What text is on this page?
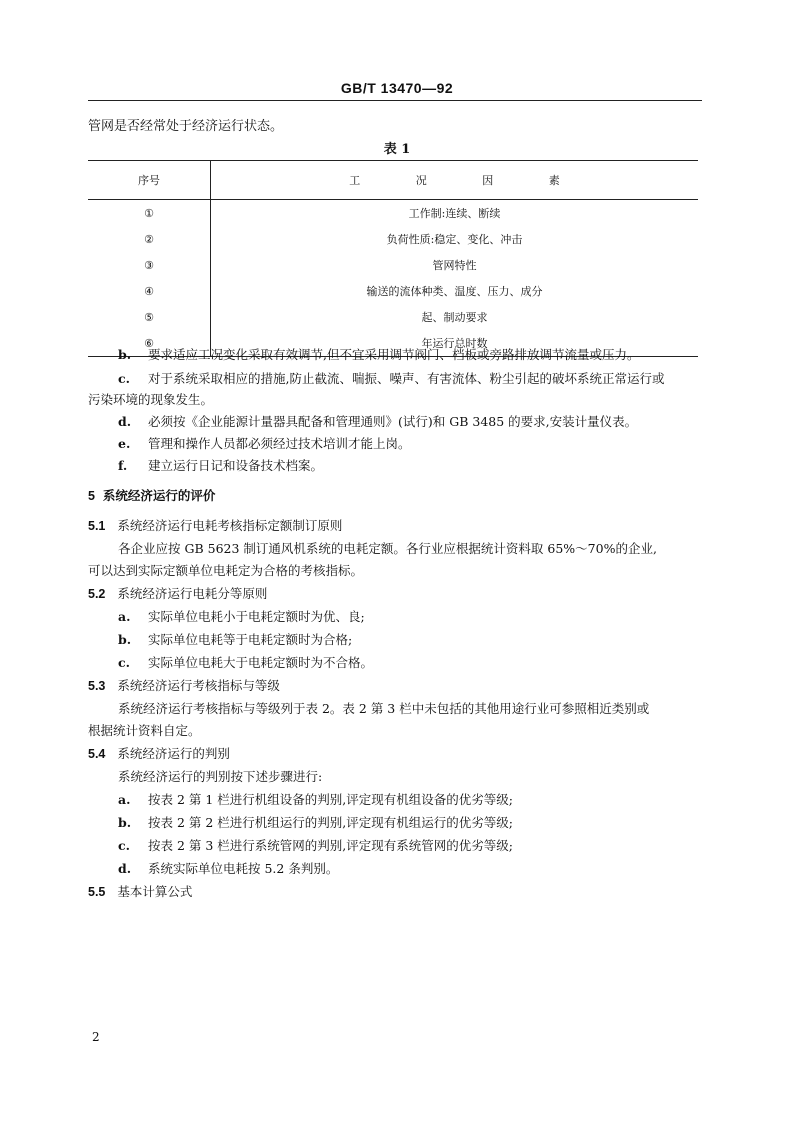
GB/T 13470—92
管网是否经常处于经济运行状态。
表 1
序号	工 况 因 素
①	工作制:连续、断续
②	负荷性质:稳定、变化、冲击
③	管网特性
④	输送的流体种类、温度、压力、成分
⑤	起、制动要求
⑥	年运行总时数
b. 要求适应工况变化采取有效调节,但不宜采用调节阀门、档板或旁路排放调节流量或压力。
c. 对于系统采取相应的措施,防止截流、喘振、噪声、有害流体、粉尘引起的破坏系统正常运行或
污染环境的现象发生。
d. 必须按《企业能源计量器具配备和管理通则》(试行)和 GB 3485 的要求,安装计量仪表。
e. 管理和操作人员都必须经过技术培训才能上岗。
f. 建立运行日记和设备技术档案。
5 系统经济运行的评价
5.1 系统经济运行电耗考核指标定额制订原则
各企业应按 GB 5623 制订通风机系统的电耗定额。各行业应根据统计资料取 65%～70%的企业,
可以达到实际定额单位电耗定为合格的考核指标。
5.2 系统经济运行电耗分等原则
a. 实际单位电耗小于电耗定额时为优、良;
b. 实际单位电耗等于电耗定额时为合格;
c. 实际单位电耗大于电耗定额时为不合格。
5.3 系统经济运行考核指标与等级
系统经济运行考核指标与等级列于表 2。表 2 第 3 栏中未包括的其他用途行业可参照相近类别或
根据统计资料自定。
5.4 系统经济运行的判别
系统经济运行的判别按下述步骤进行:
a. 按表 2 第 1 栏进行机组设备的判别,评定现有机组设备的优劣等级;
b. 按表 2 第 2 栏进行机组运行的判别,评定现有机组运行的优劣等级;
c. 按表 2 第 3 栏进行系统管网的判别,评定现有系统管网的优劣等级;
d. 系统实际单位电耗按 5.2 条判别。
5.5 基本计算公式
2
